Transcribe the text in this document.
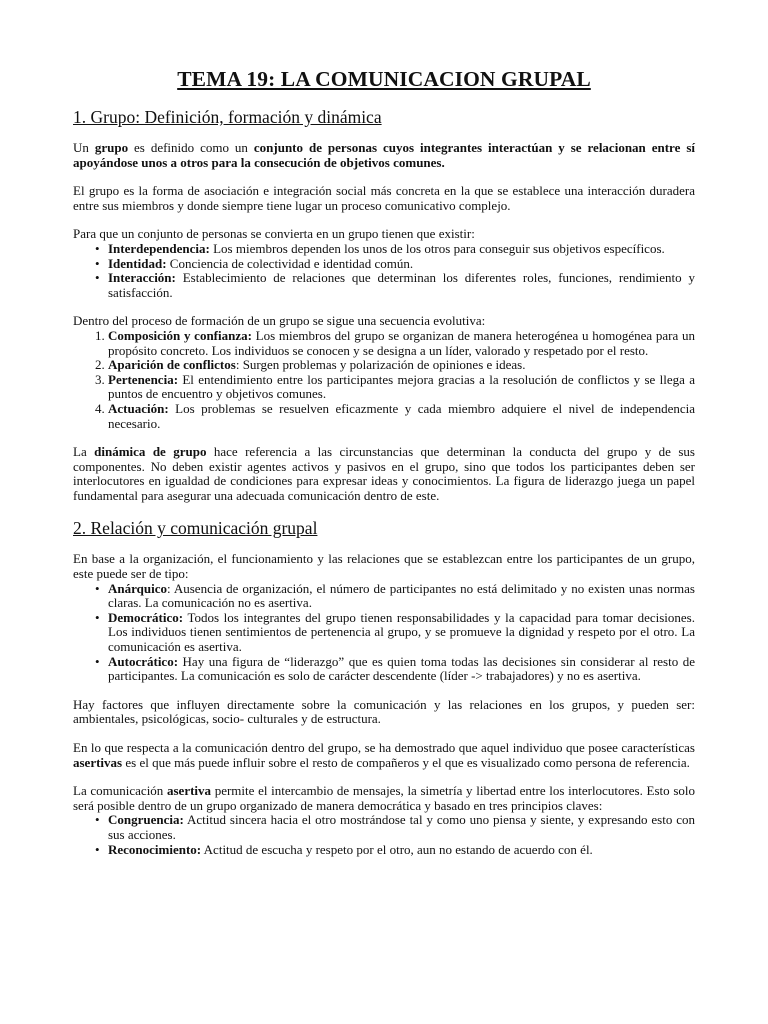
TEMA 19: LA COMUNICACION GRUPAL
1. Grupo: Definición, formación y dinámica

Un grupo es definido como un conjunto de personas cuyos integrantes interactúan y se relacionan entre sí apoyándose unos a otros para la consecución de objetivos comunes.

El grupo es la forma de asociación e integración social más concreta en la que se establece una interacción duradera entre sus miembros y donde siempre tiene lugar un proceso comunicativo complejo.

Para que un conjunto de personas se convierta en un grupo tienen que existir:

• Interdependencia: Los miembros dependen los unos de los otros para conseguir sus objetivos específicos.
• Identidad: Conciencia de colectividad e identidad común.
• Interacción: Establecimiento de relaciones que determinan los diferentes roles, funciones, rendimiento y satisfacción.

Dentro del proceso de formación de un grupo se sigue una secuencia evolutiva:

1. Composición y confianza: Los miembros del grupo se organizan de manera heterogénea u homogénea para un propósito concreto. Los individuos se conocen y se designa a un líder, valorado y respetado por el resto.
2. Aparición de conflictos: Surgen problemas y polarización de opiniones e ideas.
3. Pertenencia: El entendimiento entre los participantes mejora gracias a la resolución de conflictos y se llega a puntos de encuentro y objetivos comunes.
4. Actuación: Los problemas se resuelven eficazmente y cada miembro adquiere el nivel de independencia necesario.

La dinámica de grupo hace referencia a las circunstancias que determinan la conducta del grupo y de sus componentes. No deben existir agentes activos y pasivos en el grupo, sino que todos los participantes deben ser interlocutores en igualdad de condiciones para expresar ideas y conocimientos. La figura de liderazgo juega un papel fundamental para asegurar una adecuada comunicación dentro de este.

2. Relación y comunicación grupal

En base a la organización, el funcionamiento y las relaciones que se establezcan entre los participantes de un grupo, este puede ser de tipo:

• Anárquico: Ausencia de organización, el número de participantes no está delimitado y no existen unas normas claras. La comunicación no es asertiva.
• Democrático: Todos los integrantes del grupo tienen responsabilidades y la capacidad para tomar decisiones. Los individuos tienen sentimientos de pertenencia al grupo, y se promueve la dignidad y respeto por el otro. La comunicación es asertiva.
• Autocrático: Hay una figura de “liderazgo” que es quien toma todas las decisiones sin considerar al resto de participantes. La comunicación es solo de carácter descendente (líder -> trabajadores) y no es asertiva.

Hay factores que influyen directamente sobre la comunicación y las relaciones en los grupos, y pueden ser: ambientales, psicológicas, socio- culturales y de estructura.

En lo que respecta a la comunicación dentro del grupo, se ha demostrado que aquel individuo que posee características asertivas es el que más puede influir sobre el resto de compañeros y el que es visualizado como persona de referencia.

La comunicación asertiva permite el intercambio de mensajes, la simetría y libertad entre los interlocutores. Esto solo será posible dentro de un grupo organizado de manera democrática y basado en tres principios claves:

• Congruencia: Actitud sincera hacia el otro mostrándose tal y como uno piensa y siente, y expresando esto con sus acciones.
• Reconocimiento: Actitud de escucha y respeto por el otro, aun no estando de acuerdo con él.
